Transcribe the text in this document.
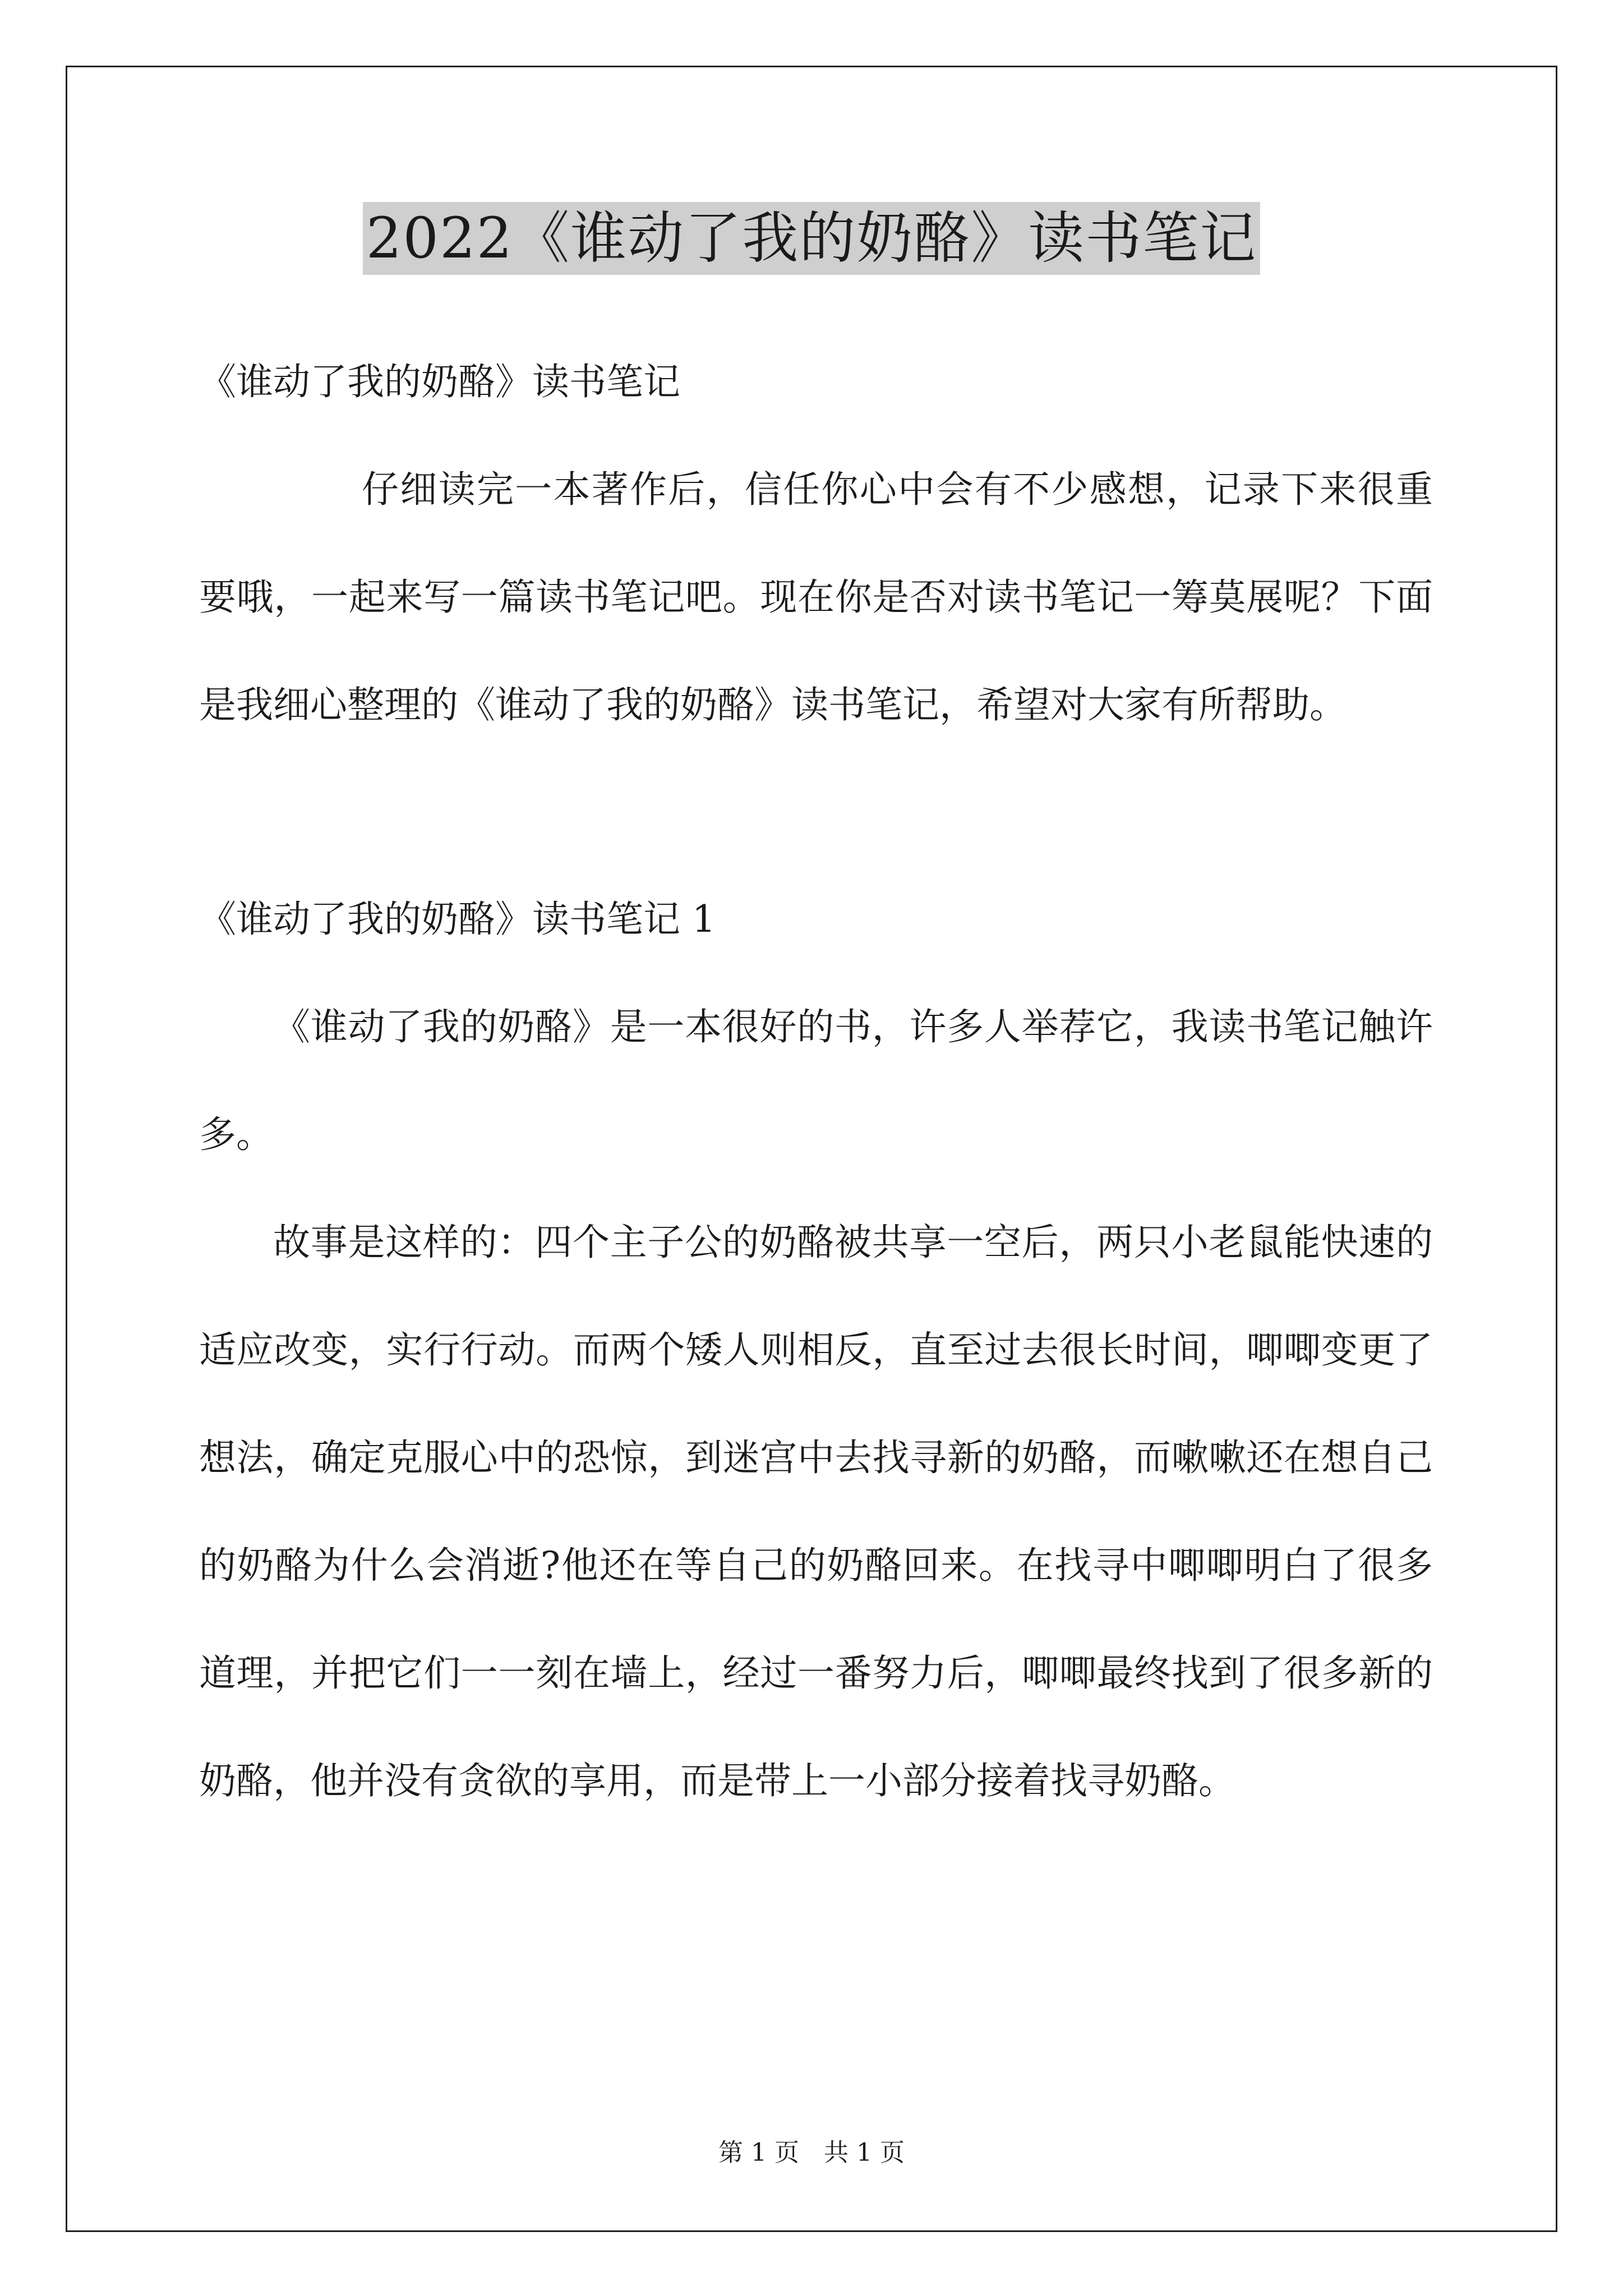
2022《谁动了我的奶酪》读书笔记

《谁动了我的奶酪》读书笔记

仔细读完一本著作后，信任你心中会有不少感想，记录下来很重要哦，一起来写一篇读书笔记吧。现在你是否对读书笔记一筹莫展呢？下面是我细心整理的《谁动了我的奶酪》读书笔记，希望对大家有所帮助。

《谁动了我的奶酪》读书笔记 1

《谁动了我的奶酪》是一本很好的书，许多人举荐它，我读书笔记触许多。

故事是这样的：四个主子公的奶酪被共享一空后，两只小老鼠能快速的适应改变，实行行动。而两个矮人则相反，直至过去很长时间，唧唧变更了想法，确定克服心中的恐惊，到迷宫中去找寻新的奶酪，而嗽嗽还在想自己的奶酪为什么会消逝?他还在等自己的奶酪回来。在找寻中唧唧明白了很多道理，并把它们一一刻在墙上，经过一番努力后，唧唧最终找到了很多新的奶酪，他并没有贪欲的享用，而是带上一小部分接着找寻奶酪。

第 1 页 共 1 页
